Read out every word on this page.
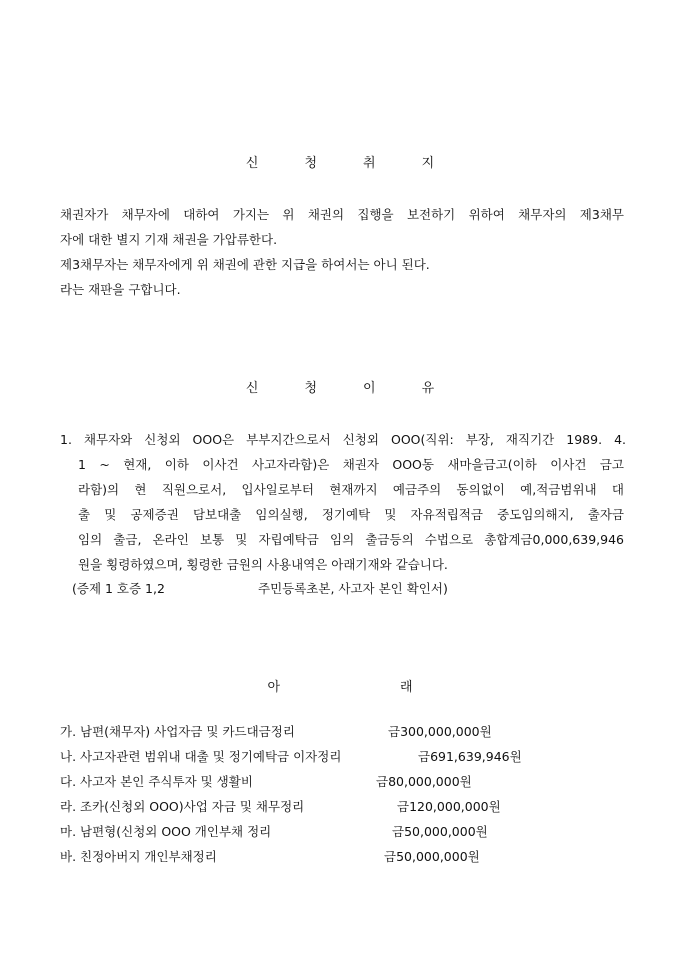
신	청	취	지
채권자가 채무자에 대하여 가지는 위 채권의 집행을 보전하기 위하여 채무자의 제3채무
자에 대한 별지 기재 채권을 가압류한다.
제3채무자는 채무자에게 위 채권에 관한 지급을 하여서는 아니 된다.
라는 재판을 구합니다.
신	청	이	유
1. 채무자와 신청외 OOO은 부부지간으로서 신청외 OOO(직위: 부장, 재직기간 1989. 4.
1 ~ 현재, 이하 이사건 사고자라함)은 채권자 OOO동 새마을금고(이하 이사건 금고
라함)의 현 직원으로서, 입사일로부터 현재까지 예금주의 동의없이 예,적금범위내 대
출 및 공제증권 담보대출 임의실행, 정기예탁 및 자유적립적금 중도임의해지, 출자금
임의 출금, 온라인 보통 및 자립예탁금 임의 출금등의 수법으로 총합계금0,000,639,946
원을 횡령하였으며, 횡령한 금원의 사용내역은 아래기재와 같습니다.
(증제 1 호증 1,2	주민등록초본, 사고자 본인 확인서)
아	래
가. 남편(채무자) 사업자금 및 카드대금정리	금300,000,000원
나. 사고자관련 범위내 대출 및 정기예탁금 이자정리	금691,639,946원
다. 사고자 본인 주식투자 및 생활비	금80,000,000원
라. 조카(신청외 OOO)사업 자금 및 채무정리	금120,000,000원
마. 남편형(신청외 OOO 개인부채 정리	금50,000,000원
바. 친정아버지 개인부채정리	금50,000,000원
